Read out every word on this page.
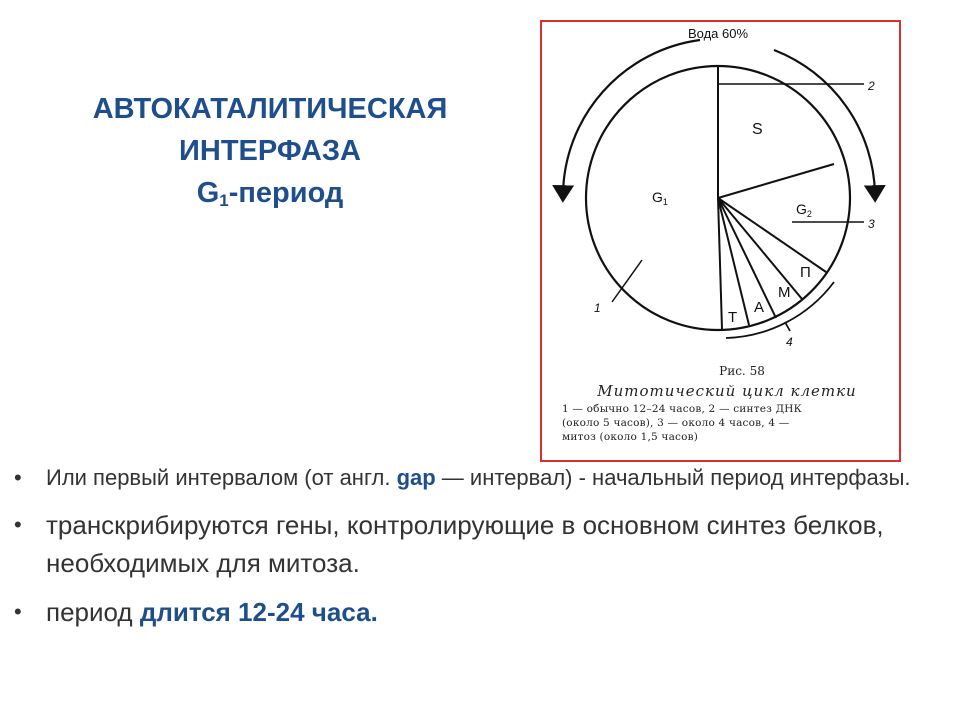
АВТОКАТАЛИТИЧЕСКАЯ
ИНТЕРФАЗА
$G_1$-период
Вода 60%
$G_1$
S
$G_2$
Т
А
М
П
1
2
3
4
Рис. 58
Митотический цикл клетки
1 — обычно 12–24 часов, 2 — синтез ДНК
(около 5 часов), 3 — около 4 часов, 4 —
митоз (около 1,5 часов)
• Или первый интервалом (от англ. gap — интервал) - начальный период интерфазы.
• транскрибируются гены, контролирующие в основном синтез белков, необходимых для митоза.
• период длится 12-24 часа.
